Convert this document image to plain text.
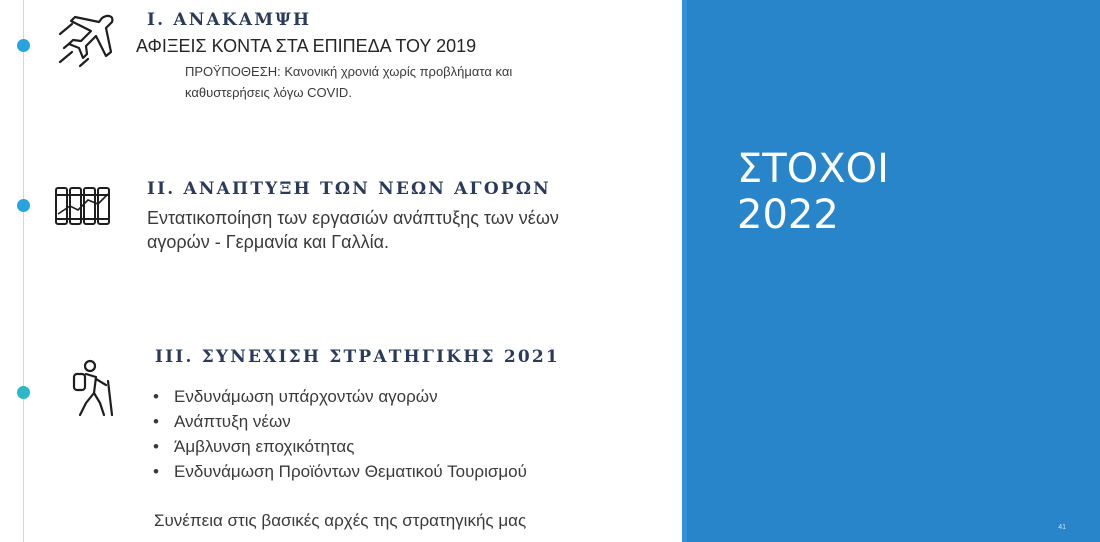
I. ΑΝΑΚΑΜΨΗ

ΑΦΙΞΕΙΣ ΚΟΝΤΑ ΣΤΑ ΕΠΙΠΕΔΑ ΤΟΥ 2019

ΠΡΟΫΠΟΘΕΣΗ: Κανονική χρονιά χωρίς προβλήματα και καθυστερήσεις λόγω COVID.

II. ΑΝΑΠΤΥΞΗ ΤΩΝ ΝΕΩΝ ΑΓΟΡΩΝ

Εντατικοποίηση των εργασιών ανάπτυξης των νέων αγορών - Γερμανία και Γαλλία.

III. ΣΥΝΕΧΙΣΗ ΣΤΡΑΤΗΓΙΚΗΣ 2021
• Ενδυνάμωση υπάρχοντών αγορών
• Ανάπτυξη νέων
• Άμβλυνση εποχικότητας
• Ενδυνάμωση Προϊόντων Θεματικού Τουρισμού

Συνέπεια στις βασικές αρχές της στρατηγικής μας

ΣΤΟΧΟΙ
2022
41
